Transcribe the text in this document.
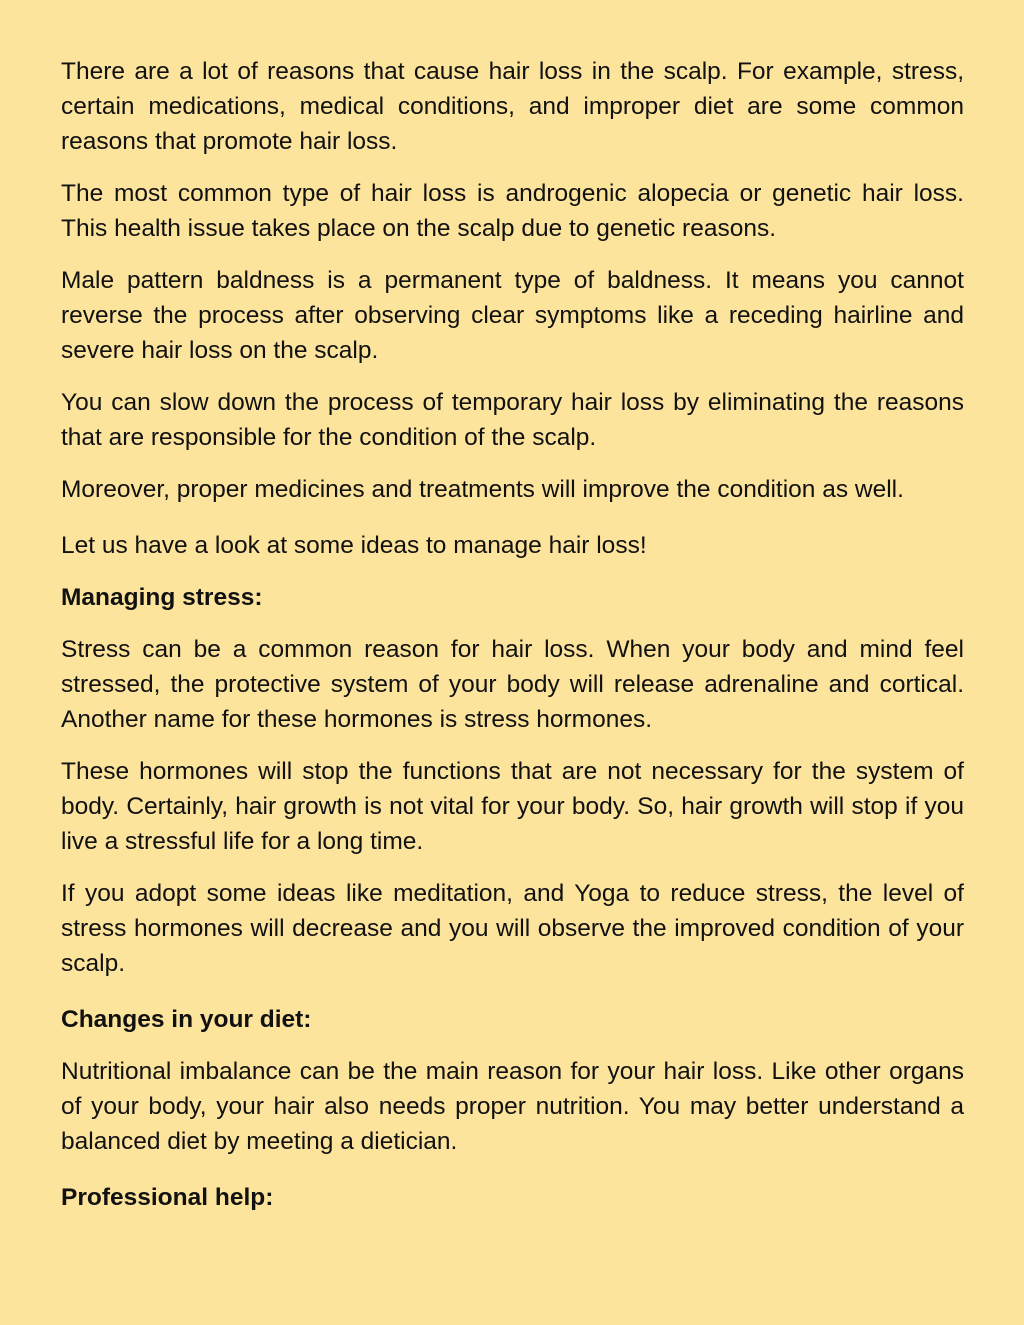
There are a lot of reasons that cause hair loss in the scalp. For example, stress, certain medications, medical conditions, and improper diet are some common reasons that promote hair loss.

The most common type of hair loss is androgenic alopecia or genetic hair loss. This health issue takes place on the scalp due to genetic reasons.

Male pattern baldness is a permanent type of baldness. It means you cannot reverse the process after observing clear symptoms like a receding hairline and severe hair loss on the scalp.

You can slow down the process of temporary hair loss by eliminating the reasons that are responsible for the condition of the scalp.

Moreover, proper medicines and treatments will improve the condition as well.

Let us have a look at some ideas to manage hair loss!

Managing stress:

Stress can be a common reason for hair loss. When your body and mind feel stressed, the protective system of your body will release adrenaline and cortical. Another name for these hormones is stress hormones.

These hormones will stop the functions that are not necessary for the system of body. Certainly, hair growth is not vital for your body. So, hair growth will stop if you live a stressful life for a long time.

If you adopt some ideas like meditation, and Yoga to reduce stress, the level of stress hormones will decrease and you will observe the improved condition of your scalp.

Changes in your diet:

Nutritional imbalance can be the main reason for your hair loss. Like other organs of your body, your hair also needs proper nutrition. You may better understand a balanced diet by meeting a dietician.

Professional help:
